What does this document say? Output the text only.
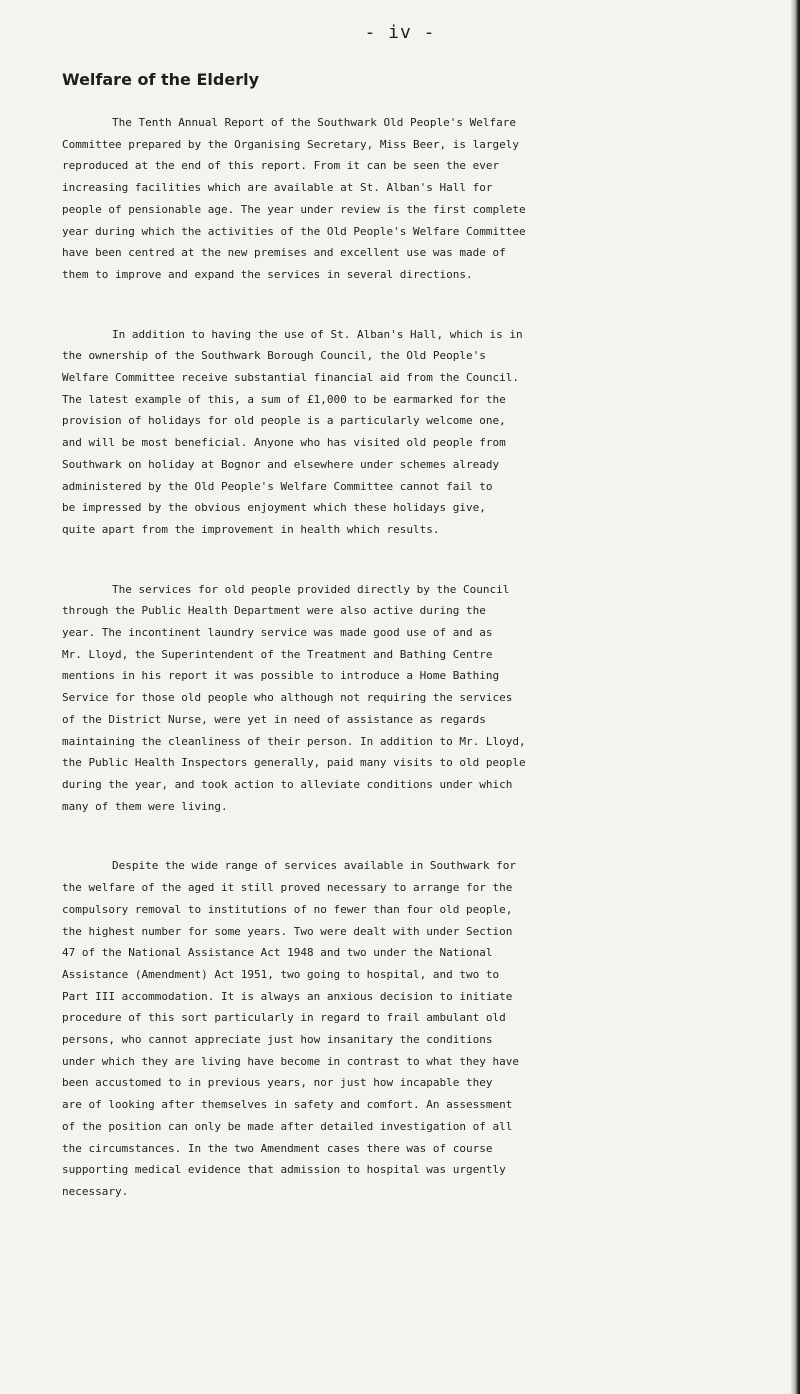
- iv -
Welfare of the Elderly
The Tenth Annual Report of the Southwark Old People's Welfare
Committee prepared by the Organising Secretary, Miss Beer, is largely
reproduced at the end of this report. From it can be seen the ever
increasing facilities which are available at St. Alban's Hall for
people of pensionable age. The year under review is the first complete
year during which the activities of the Old People's Welfare Committee
have been centred at the new premises and excellent use was made of
them to improve and expand the services in several directions.
In addition to having the use of St. Alban's Hall, which is in
the ownership of the Southwark Borough Council, the Old People's
Welfare Committee receive substantial financial aid from the Council.
The latest example of this, a sum of £1,000 to be earmarked for the
provision of holidays for old people is a particularly welcome one,
and will be most beneficial. Anyone who has visited old people from
Southwark on holiday at Bognor and elsewhere under schemes already
administered by the Old People's Welfare Committee cannot fail to
be impressed by the obvious enjoyment which these holidays give,
quite apart from the improvement in health which results.
The services for old people provided directly by the Council
through the Public Health Department were also active during the
year. The incontinent laundry service was made good use of and as
Mr. Lloyd, the Superintendent of the Treatment and Bathing Centre
mentions in his report it was possible to introduce a Home Bathing
Service for those old people who although not requiring the services
of the District Nurse, were yet in need of assistance as regards
maintaining the cleanliness of their person. In addition to Mr. Lloyd,
the Public Health Inspectors generally, paid many visits to old people
during the year, and took action to alleviate conditions under which
many of them were living.
Despite the wide range of services available in Southwark for
the welfare of the aged it still proved necessary to arrange for the
compulsory removal to institutions of no fewer than four old people,
the highest number for some years. Two were dealt with under Section
47 of the National Assistance Act 1948 and two under the National
Assistance (Amendment) Act 1951, two going to hospital, and two to
Part III accommodation. It is always an anxious decision to initiate
procedure of this sort particularly in regard to frail ambulant old
persons, who cannot appreciate just how insanitary the conditions
under which they are living have become in contrast to what they have
been accustomed to in previous years, nor just how incapable they
are of looking after themselves in safety and comfort. An assessment
of the position can only be made after detailed investigation of all
the circumstances. In the two Amendment cases there was of course
supporting medical evidence that admission to hospital was urgently
necessary.
